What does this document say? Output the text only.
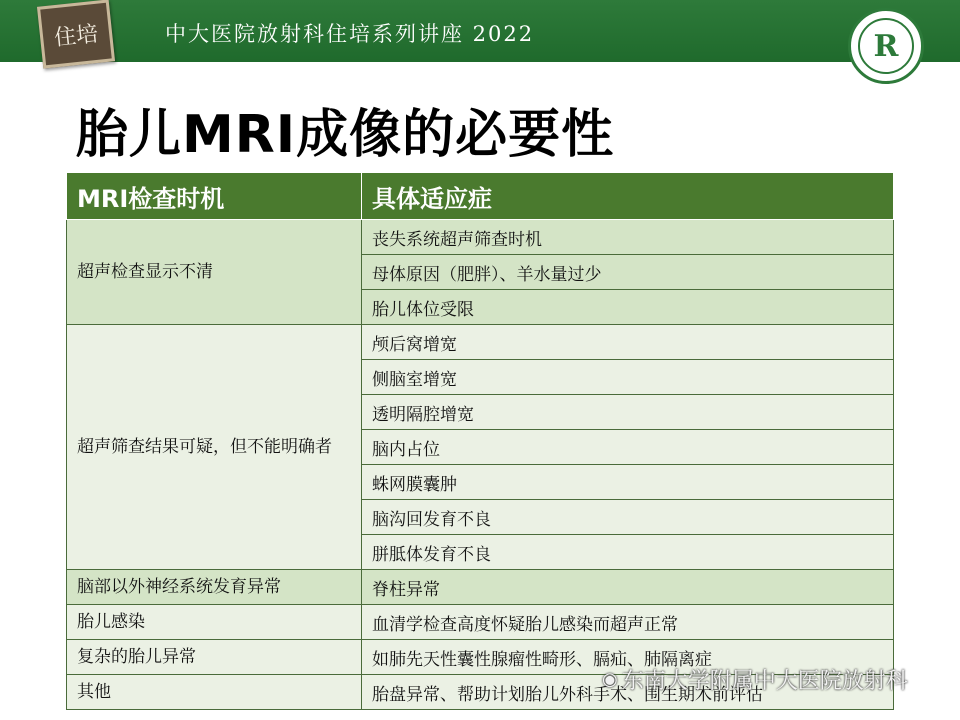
住培	中大医院放射科住培系列讲座 2022	R
胎儿MRI成像的必要性
MRI检查时机	具体适应症
超声检查显示不清	丧失系统超声筛查时机
	母体原因（肥胖）、羊水量过少
	胎儿体位受限
超声筛查结果可疑，但不能明确者	颅后窝增宽
	侧脑室增宽
	透明隔腔增宽
	脑内占位
	蛛网膜囊肿
	脑沟回发育不良
	胼胝体发育不良
脑部以外神经系统发育异常	脊柱异常
胎儿感染	血清学检查高度怀疑胎儿感染而超声正常
复杂的胎儿异常	如肺先天性囊性腺瘤性畸形、膈疝、肺隔离症
其他	胎盘异常、帮助计划胎儿外科手术、围生期术前评估
◉ 东南大学附属中大医院放射科
